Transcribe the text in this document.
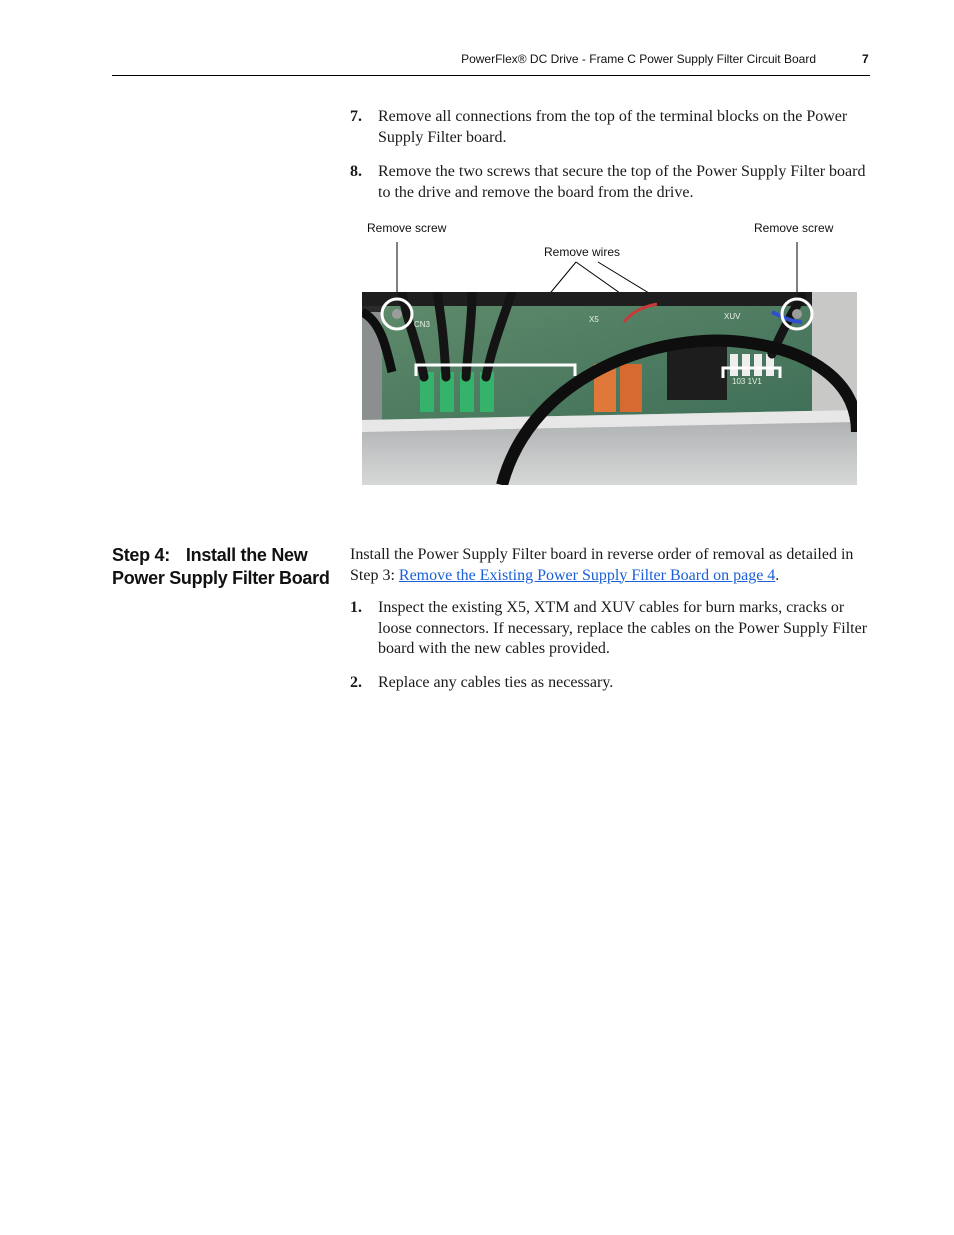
PowerFlex® DC Drive - Frame C Power Supply Filter Circuit Board	7
7. Remove all connections from the top of the terminal blocks on the Power Supply Filter board.
8. Remove the two screws that secure the top of the Power Supply Filter board to the drive and remove the board from the drive.
Remove screw	Remove screw
Remove wires
CN3
X5	XUV
103 1V1
Step 4: Install the New Power Supply Filter Board
Install the Power Supply Filter board in reverse order of removal as detailed in Step 3: Remove the Existing Power Supply Filter Board on page 4.
1. Inspect the existing X5, XTM and XUV cables for burn marks, cracks or loose connectors. If necessary, replace the cables on the Power Supply Filter board with the new cables provided.
2. Replace any cables ties as necessary.
